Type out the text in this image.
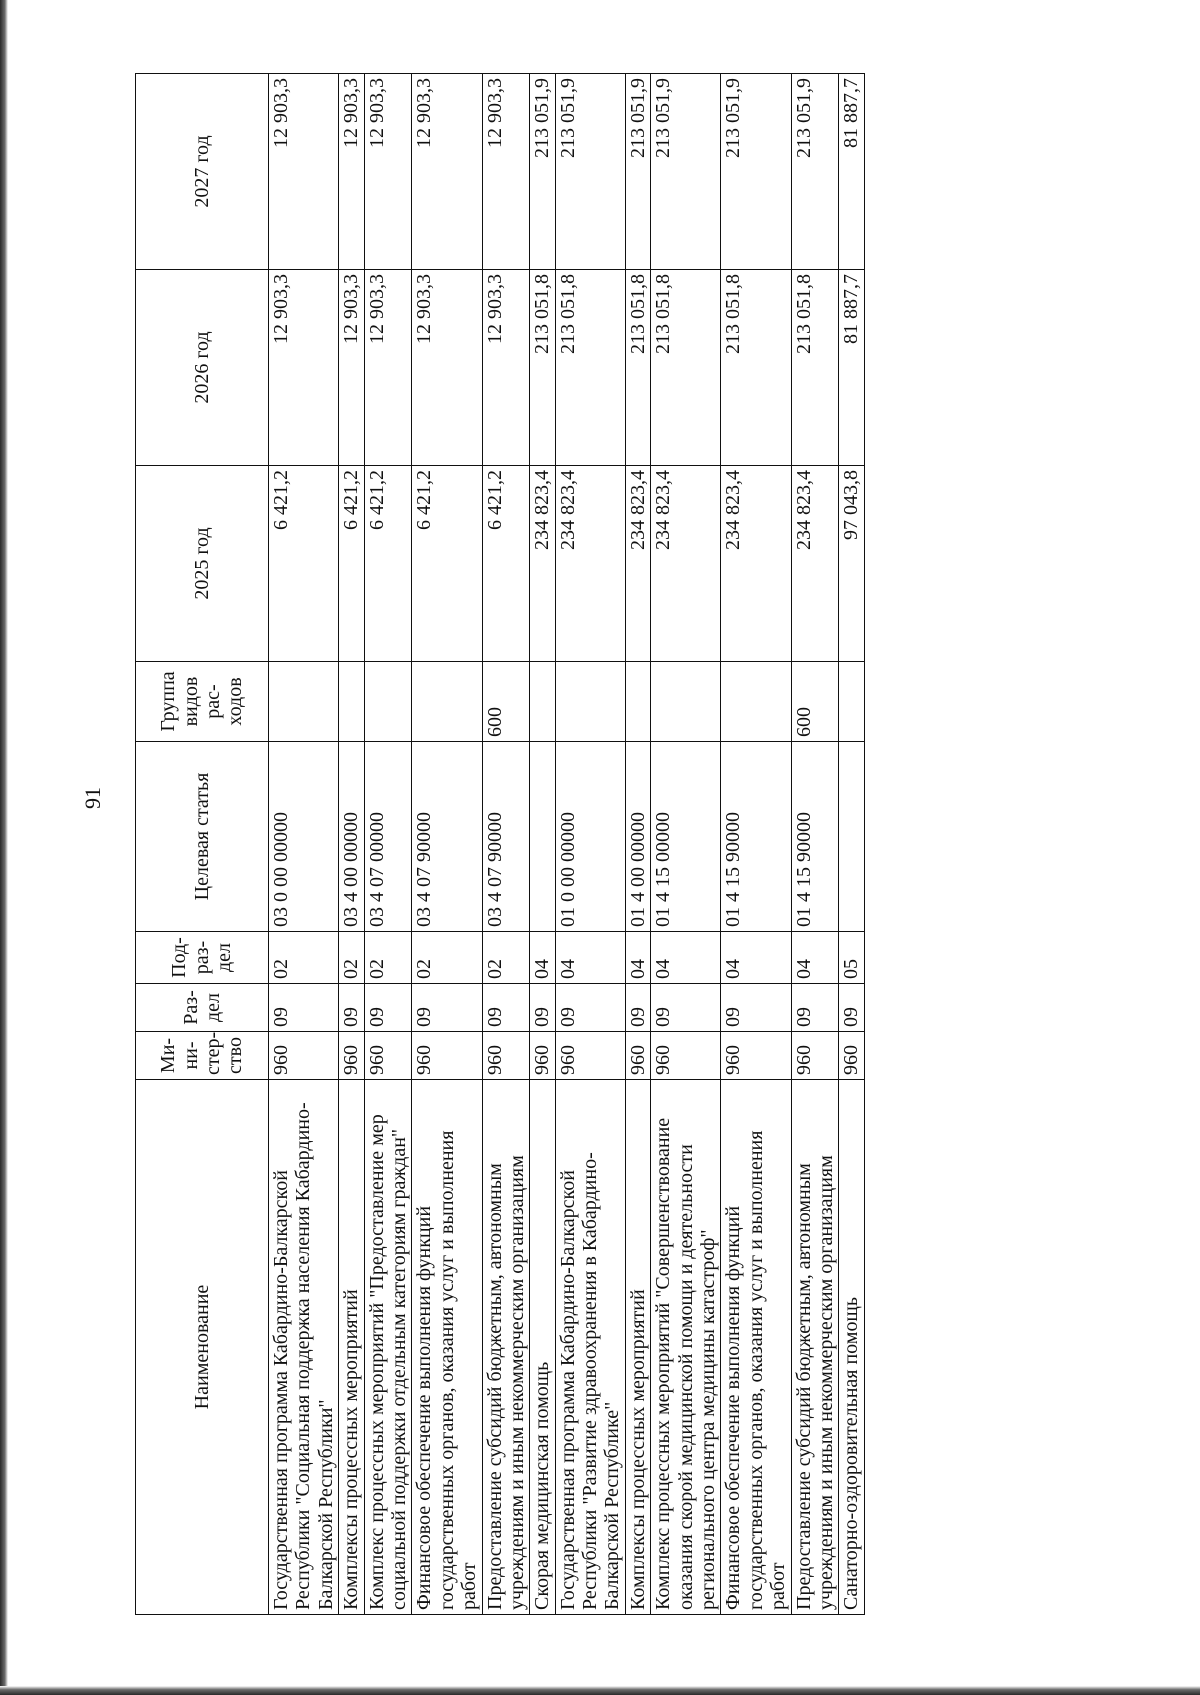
91
Наименование	Ми-ни-стер-ство	Раз-дел	Под-раз-дел	Целевая статья	Группа видов рас-ходов	2025 год	2026 год	2027 год
Государственная программа Кабардино-Балкарской Республики "Социальная поддержка населения Кабардино-Балкарской Республики"	960	09	02	03 0 00 00000		6 421,2	12 903,3	12 903,3
Комплексы процессных мероприятий	960	09	02	03 4 00 00000		6 421,2	12 903,3	12 903,3
Комплекс процессных мероприятий "Предоставление мер социальной поддержки отдельным категориям граждан"	960	09	02	03 4 07 00000		6 421,2	12 903,3	12 903,3
Финансовое обеспечение выполнения функций государственных органов, оказания услуг и выполнения работ	960	09	02	03 4 07 90000		6 421,2	12 903,3	12 903,3
Предоставление субсидий бюджетным, автономным учреждениям и иным некоммерческим организациям	960	09	02	03 4 07 90000	600	6 421,2	12 903,3	12 903,3
Скорая медицинская помощь	960	09	04			234 823,4	213 051,8	213 051,9
Государственная программа Кабардино-Балкарской Республики "Развитие здравоохранения в Кабардино-Балкарской Республике"	960	09	04	01 0 00 00000		234 823,4	213 051,8	213 051,9
Комплексы процессных мероприятий	960	09	04	01 4 00 00000		234 823,4	213 051,8	213 051,9
Комплекс процессных мероприятий "Совершенствование оказания скорой медицинской помощи и деятельности регионального центра медицины катастроф"	960	09	04	01 4 15 00000		234 823,4	213 051,8	213 051,9
Финансовое обеспечение выполнения функций государственных органов, оказания услуг и выполнения работ	960	09	04	01 4 15 90000		234 823,4	213 051,8	213 051,9
Предоставление субсидий бюджетным, автономным учреждениям и иным некоммерческим организациям	960	09	04	01 4 15 90000	600	234 823,4	213 051,8	213 051,9
Санаторно-оздоровительная помощь	960	09	05			97 043,8	81 887,7	81 887,7
